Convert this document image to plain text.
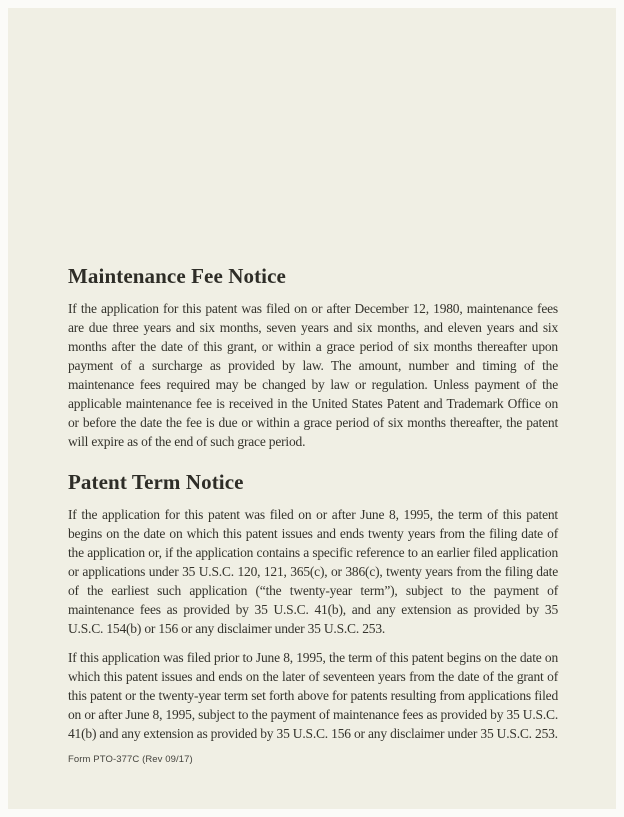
Maintenance Fee Notice

If the application for this patent was filed on or after December 12, 1980, maintenance fees are due three years and six months, seven years and six months, and eleven years and six months after the date of this grant, or within a grace period of six months thereafter upon payment of a surcharge as provided by law. The amount, number and timing of the maintenance fees required may be changed by law or regulation. Unless payment of the applicable maintenance fee is received in the United States Patent and Trademark Office on or before the date the fee is due or within a grace period of six months thereafter, the patent will expire as of the end of such grace period.

Patent Term Notice

If the application for this patent was filed on or after June 8, 1995, the term of this patent begins on the date on which this patent issues and ends twenty years from the filing date of the application or, if the application contains a specific reference to an earlier filed application or applications under 35 U.S.C. 120, 121, 365(c), or 386(c), twenty years from the filing date of the earliest such application (“the twenty-year term”), subject to the payment of maintenance fees as provided by 35 U.S.C. 41(b), and any extension as provided by 35 U.S.C. 154(b) or 156 or any disclaimer under 35 U.S.C. 253.

If this application was filed prior to June 8, 1995, the term of this patent begins on the date on which this patent issues and ends on the later of seventeen years from the date of the grant of this patent or the twenty-year term set forth above for patents resulting from applications filed on or after June 8, 1995, subject to the payment of maintenance fees as provided by 35 U.S.C. 41(b) and any extension as provided by 35 U.S.C. 156 or any disclaimer under 35 U.S.C. 253.

Form PTO-377C (Rev 09/17)
